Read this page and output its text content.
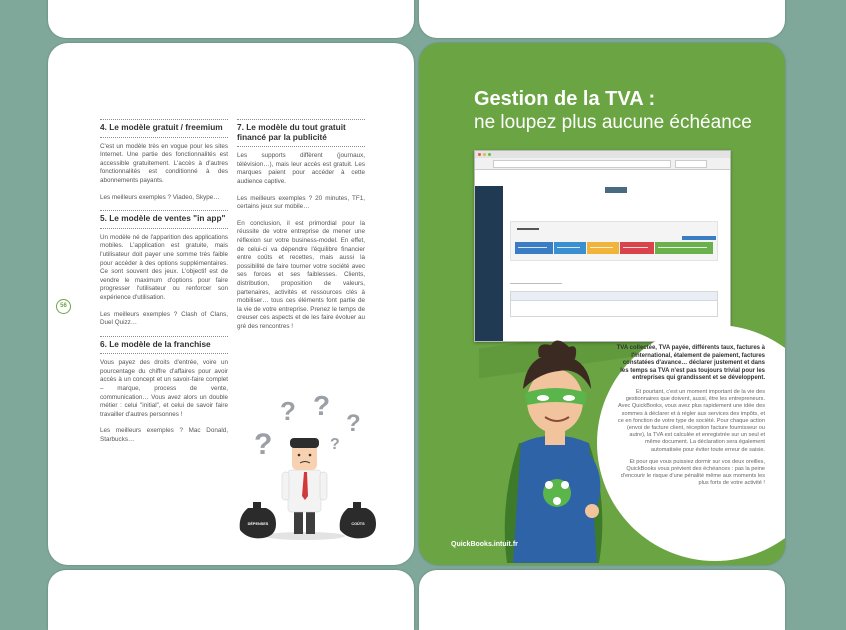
56
4. Le modèle gratuit / freemium

C'est un modèle très en vogue pour les sites Internet. Une partie des fonctionnalités est accessible gratuitement. L'accès à d'autres fonctionnalités est conditionné à des abonnements payants.

Les meilleurs exemples ? Viadeo, Skype…

5. Le modèle de ventes "in app"

Un modèle né de l'apparition des applications mobiles. L'application est gratuite, mais l'utilisateur doit payer une somme très faible pour accéder à des options supplémentaires. Ce sont souvent des jeux. L'objectif est de vendre le maximum d'options pour faire progresser l'utilisateur ou renforcer son expérience d'utilisation.

Les meilleurs exemples ? Clash of Clans, Duel Quizz…

6. Le modèle de la franchise

Vous payez des droits d'entrée, voire un pourcentage du chiffre d'affaires pour avoir accès à un concept et un savoir-faire complet – marque, process de vente, communication… Vous avez alors un double métier : celui "initial", et celui de savoir faire travailler d'autres personnes !

Les meilleurs exemples ? Mac Donald, Starbucks…

7. Le modèle du tout gratuit financé par la publicité

Les supports diffèrent (journaux, télévision…), mais leur accès est gratuit. Les marques paient pour accéder à cette audience captive.

Les meilleurs exemples ? 20 minutes, TF1, certains jeux sur mobile…

En conclusion, il est primordial pour la réussite de votre entreprise de mener une réflexion sur votre business-model. En effet, de celui-ci va dépendre l'équilibre financier entre coûts et recettes, mais aussi la possibilité de faire tourner votre société avec ses forces et ses faiblesses. Clients, distribution, proposition de valeurs, partenaires, activités et ressources clés à mobiliser… tous ces éléments font partie de la vie de votre entreprise. Prenez le temps de creuser ces aspects et de les faire évoluer au gré des rencontres !

?
? ?
?
?
DÉPENSES	COÛTS
Gestion de la TVA :
ne loupez plus aucune échéance

TVA collectée, TVA payée, différents taux, factures à l'international, étalement de paiement, factures constatées d'avance… déclarer justement et dans les temps sa TVA n'est pas toujours trivial pour les entreprises qui grandissent et se développent.

Et pourtant, c'est un moment important de la vie des gestionnaires que doivent, aussi, être les entrepreneurs. Avec QuickBooks, vous avez plus rapidement une idée des sommes à déclarer et à régler aux services des impôts, et ce en fonction de votre type de société. Pour chaque action (envoi de facture client, réception facture fournisseur ou autre), la TVA est calculée et enregistrée sur un seul et même document. La déclaration sera également automatisée pour éviter toute erreur de saisie.

Et pour que vous puissiez dormir sur vos deux oreilles, QuickBooks vous prévient des échéances : pas la peine d'encourir le risque d'une pénalité même aux moments les plus forts de votre activité !

QuickBooks.intuit.fr
